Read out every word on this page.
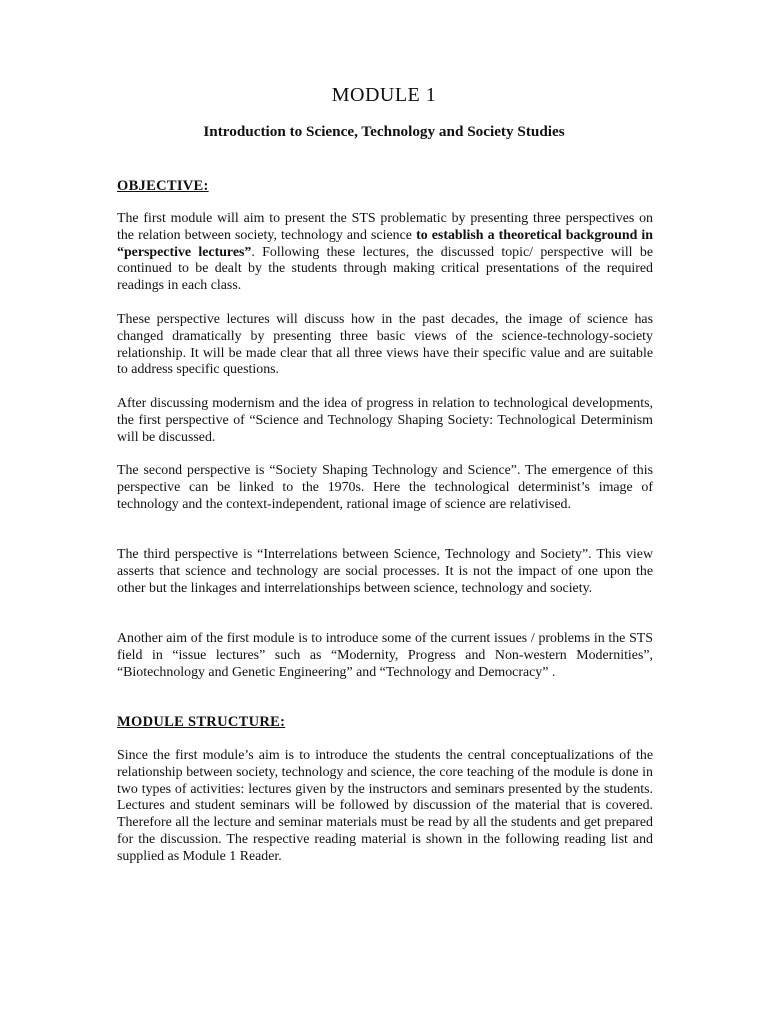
MODULE 1
Introduction to Science, Technology and Society Studies
OBJECTIVE:
The first module will aim to present the STS problematic by presenting three perspectives on the relation between society, technology and science to establish a theoretical background in “perspective lectures”. Following these lectures, the discussed topic/ perspective will be continued to be dealt by the students through making critical presentations of the required readings in each class.
These perspective lectures will discuss how in the past decades, the image of science has changed dramatically by presenting three basic views of the science-technology-society relationship. It will be made clear that all three views have their specific value and are suitable to address specific questions.
After discussing modernism and the idea of progress in relation to technological developments, the first perspective of “Science and Technology Shaping Society: Technological Determinism will be discussed.
The second perspective is “Society Shaping Technology and Science”. The emergence of this perspective can be linked to the 1970s. Here the technological determinist’s image of technology and the context-independent, rational image of science are relativised.
The third perspective is “Interrelations between Science, Technology and Society”. This view asserts that science and technology are social processes. It is not the impact of one upon the other but the linkages and interrelationships between science, technology and society.
Another aim of the first module is to introduce some of the current issues / problems in the STS field in “issue lectures” such as “Modernity, Progress and Non-western Modernities”, “Biotechnology and Genetic Engineering” and “Technology and Democracy” .
MODULE STRUCTURE:
Since the first module’s aim is to introduce the students the central conceptualizations of the relationship between society, technology and science, the core teaching of the module is done in two types of activities: lectures given by the instructors and seminars presented by the students. Lectures and student seminars will be followed by discussion of the material that is covered. Therefore all the lecture and seminar materials must be read by all the students and get prepared for the discussion. The respective reading material is shown in the following reading list and supplied as Module 1 Reader.
